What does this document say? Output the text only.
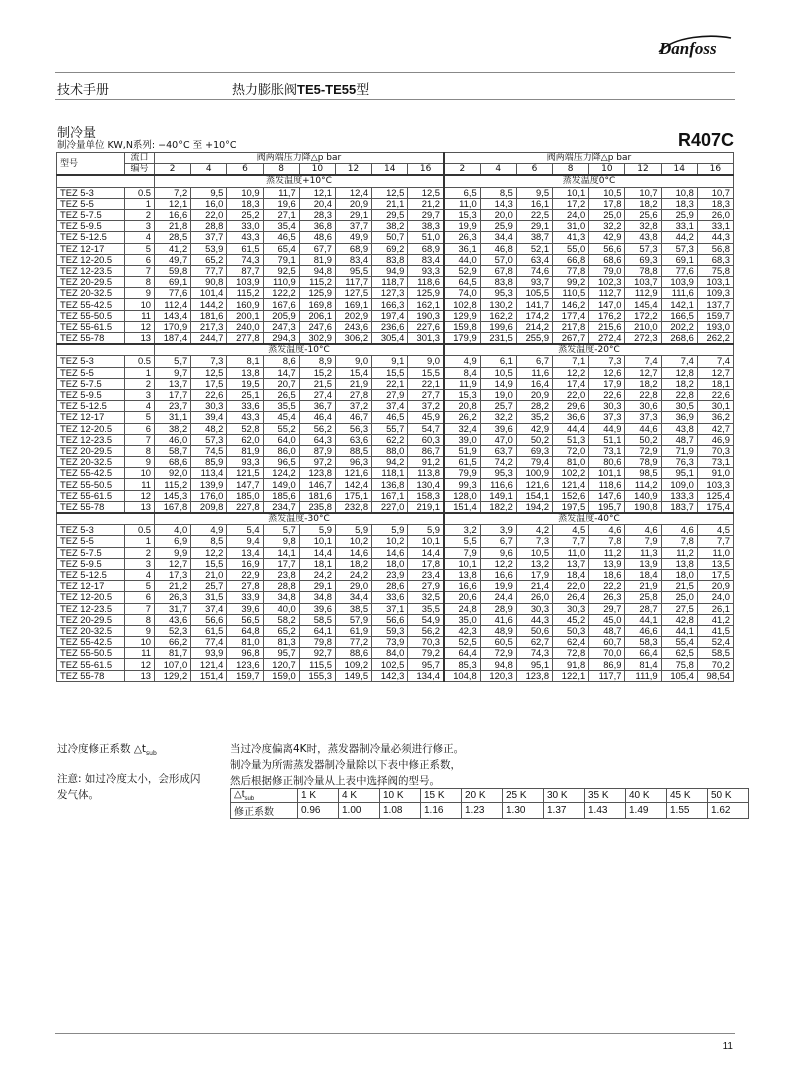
Danfoss
技术手册	热力膨胀阀TE5-TE55型
制冷量
制冷量单位 KW,N系列: −40°C 至 +10°C	R407C
型号	流口	阀两端压力降△p bar								阀两端压力降△p bar							
	编号	2	4	6	8	10	12	14	16	2	4	6	8	10	12	14	16
		蒸发温度+10°C								蒸发温度0°C							
TEZ 5-3	0.5	7,2	9,5	10,9	11,7	12,1	12,4	12,5	12,5	6,5	8,5	9,5	10,1	10,5	10,7	10,8	10,7
TEZ 5-5	1	12,1	16,0	18,3	19,6	20,4	20,9	21,1	21,2	11,0	14,3	16,1	17,2	17,8	18,2	18,3	18,3
TEZ 5-7.5	2	16,6	22,0	25,2	27,1	28,3	29,1	29,5	29,7	15,3	20,0	22,5	24,0	25,0	25,6	25,9	26,0
TEZ 5-9.5	3	21,8	28,8	33,0	35,4	36,8	37,7	38,2	38,3	19,9	25,9	29,1	31,0	32,2	32,8	33,1	33,1
TEZ 5-12.5	4	28,5	37,7	43,3	46,5	48,6	49,9	50,7	51,0	26,3	34,4	38,7	41,3	42,9	43,8	44,2	44,3
TEZ 12-17	5	41,2	53,9	61,5	65,4	67,7	68,9	69,2	68,9	36,1	46,8	52,1	55,0	56,6	57,3	57,3	56,8
TEZ 12-20.5	6	49,7	65,2	74,3	79,1	81,9	83,4	83,8	83,4	44,0	57,0	63,4	66,8	68,6	69,3	69,1	68,3
TEZ 12-23.5	7	59,8	77,7	87,7	92,5	94,8	95,5	94,9	93,3	52,9	67,8	74,6	77,8	79,0	78,8	77,6	75,8
TEZ 20-29.5	8	69,1	90,8	103,9	110,9	115,2	117,7	118,7	118,6	64,5	83,8	93,7	99,2	102,3	103,7	103,9	103,1
TEZ 20-32.5	9	77,6	101,4	115,2	122,2	125,9	127,5	127,3	125,9	74,0	95,3	105,5	110,5	112,7	112,9	111,6	109,3
TEZ 55-42.5	10	112,4	144,2	160,9	167,6	169,8	169,1	166,3	162,1	102,8	130,2	141,7	146,2	147,0	145,4	142,1	137,7
TEZ 55-50.5	11	143,4	181,6	200,1	205,9	206,1	202,9	197,4	190,3	129,9	162,2	174,2	177,4	176,2	172,2	166,5	159,7
TEZ 55-61.5	12	170,9	217,3	240,0	247,3	247,6	243,6	236,6	227,6	159,8	199,6	214,2	217,8	215,6	210,0	202,2	193,0
TEZ 55-78	13	187,4	244,7	277,8	294,3	302,9	306,2	305,4	301,3	179,9	231,5	255,9	267,7	272,4	272,3	268,6	262,2
		蒸发温度-10°C								蒸发温度-20°C							
TEZ 5-3	0.5	5,7	7,3	8,1	8,6	8,9	9,0	9,1	9,0	4,9	6,1	6,7	7,1	7,3	7,4	7,4	7,4
TEZ 5-5	1	9,7	12,5	13,8	14,7	15,2	15,4	15,5	15,5	8,4	10,5	11,6	12,2	12,6	12,7	12,8	12,7
TEZ 5-7.5	2	13,7	17,5	19,5	20,7	21,5	21,9	22,1	22,1	11,9	14,9	16,4	17,4	17,9	18,2	18,2	18,1
TEZ 5-9.5	3	17,7	22,6	25,1	26,5	27,4	27,8	27,9	27,7	15,3	19,0	20,9	22,0	22,6	22,8	22,8	22,6
TEZ 5-12.5	4	23,7	30,3	33,6	35,5	36,7	37,2	37,4	37,2	20,8	25,7	28,2	29,6	30,3	30,6	30,5	30,1
TEZ 12-17	5	31,1	39,4	43,3	45,4	46,4	46,7	46,5	45,9	26,2	32,2	35,2	36,6	37,3	37,3	36,9	36,2
TEZ 12-20.5	6	38,2	48,2	52,8	55,2	56,2	56,3	55,7	54,7	32,4	39,6	42,9	44,4	44,9	44,6	43,8	42,7
TEZ 12-23.5	7	46,0	57,3	62,0	64,0	64,3	63,6	62,2	60,3	39,0	47,0	50,2	51,3	51,1	50,2	48,7	46,9
TEZ 20-29.5	8	58,7	74,5	81,9	86,0	87,9	88,5	88,0	86,7	51,9	63,7	69,3	72,0	73,1	72,9	71,9	70,3
TEZ 20-32.5	9	68,6	85,9	93,3	96,5	97,2	96,3	94,2	91,2	61,5	74,2	79,4	81,0	80,6	78,9	76,3	73,1
TEZ 55-42.5	10	92,0	113,4	121,5	124,2	123,8	121,6	118,1	113,8	79,9	95,3	100,9	102,2	101,1	98,5	95,1	91,0
TEZ 55-50.5	11	115,2	139,9	147,7	149,0	146,7	142,4	136,8	130,4	99,3	116,6	121,6	121,4	118,6	114,2	109,0	103,3
TEZ 55-61.5	12	145,3	176,0	185,0	185,6	181,6	175,1	167,1	158,3	128,0	149,1	154,1	152,6	147,6	140,9	133,3	125,4
TEZ 55-78	13	167,8	209,8	227,8	234,7	235,8	232,8	227,0	219,1	151,4	182,2	194,2	197,5	195,7	190,8	183,7	175,4
		蒸发温度-30°C								蒸发温度-40°C							
TEZ 5-3	0.5	4,0	4,9	5,4	5,7	5,9	5,9	5,9	5,9	3,2	3,9	4,2	4,5	4,6	4,6	4,6	4,5
TEZ 5-5	1	6,9	8,5	9,4	9,8	10,1	10,2	10,2	10,1	5,5	6,7	7,3	7,7	7,8	7,9	7,8	7,7
TEZ 5-7.5	2	9,9	12,2	13,4	14,1	14,4	14,6	14,6	14,4	7,9	9,6	10,5	11,0	11,2	11,3	11,2	11,0
TEZ 5-9.5	3	12,7	15,5	16,9	17,7	18,1	18,2	18,0	17,8	10,1	12,2	13,2	13,7	13,9	13,9	13,8	13,5
TEZ 5-12.5	4	17,3	21,0	22,9	23,8	24,2	24,2	23,9	23,4	13,8	16,6	17,9	18,4	18,6	18,4	18,0	17,5
TEZ 12-17	5	21,2	25,7	27,8	28,8	29,1	29,0	28,6	27,9	16,6	19,9	21,4	22,0	22,2	21,9	21,5	20,9
TEZ 12-20.5	6	26,3	31,5	33,9	34,8	34,8	34,4	33,6	32,5	20,6	24,4	26,0	26,4	26,3	25,8	25,0	24,0
TEZ 12-23.5	7	31,7	37,4	39,6	40,0	39,6	38,5	37,1	35,5	24,8	28,9	30,3	30,3	29,7	28,7	27,5	26,1
TEZ 20-29.5	8	43,6	56,6	56,5	58,2	58,5	57,9	56,6	54,9	35,0	41,6	44,3	45,2	45,0	44,1	42,8	41,2
TEZ 20-32.5	9	52,3	61,5	64,8	65,2	64,1	61,9	59,3	56,2	42,3	48,9	50,6	50,3	48,7	46,6	44,1	41,5
TEZ 55-42.5	10	66,2	77,4	81,0	81,3	79,8	77,2	73,9	70,3	52,5	60,5	62,7	62,4	60,7	58,3	55,4	52,4
TEZ 55-50.5	11	81,7	93,9	96,8	95,7	92,7	88,6	84,0	79,2	64,4	72,9	74,3	72,8	70,0	66,4	62,5	58,5
TEZ 55-61.5	12	107,0	121,4	123,6	120,7	115,5	109,2	102,5	95,7	85,3	94,8	95,1	91,8	86,9	81,4	75,8	70,2
TEZ 55-78	13	129,2	151,4	159,7	159,0	155,3	149,5	142,3	134,4	104,8	120,3	123,8	122,1	117,7	111,9	105,4	98,54
过冷度修正系数 $\triangle t_{sub}$
注意: 如过冷度太小，会形成闪
发气体。
当过冷度偏离4K时，蒸发器制冷量必须进行修正。
制冷量为所需蒸发器制冷量除以下表中修正系数，
然后根据修正制冷量从上表中选择阀的型号。
$\triangle t_{sub}$	1 K	4 K	10 K	15 K	20 K	25 K	30 K	35 K	40 K	45 K	50 K
修正系数	0.96	1.00	1.08	1.16	1.23	1.30	1.37	1.43	1.49	1.55	1.62
11
